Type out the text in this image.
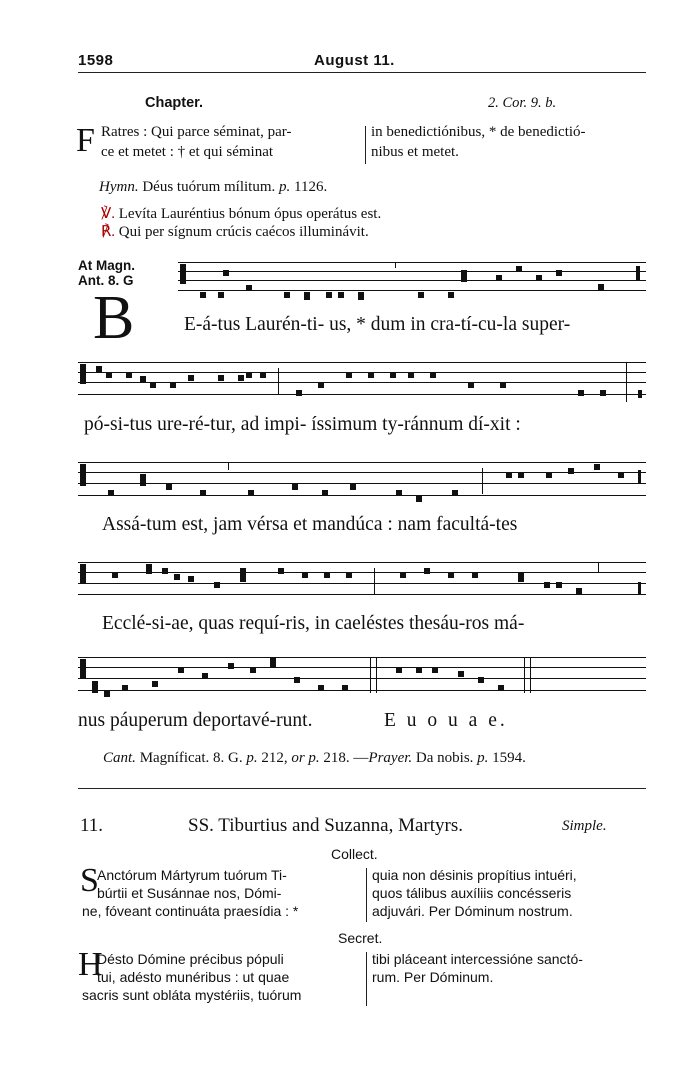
1598	August 11.
Chapter.	2. Cor. 9. b.
F Ratres : Qui parce séminat, par-
ce et metet : † et qui séminat
in benedictiónibus, * de benedictió-
nibus et metet.
Hymn. Déus tuórum mílitum. p. 1126.
℣. Levíta Lauréntius bónum ópus operátus est.
℟. Qui per sígnum crúcis caécos illuminávit.
At Magn.
Ant. 8. G
B	E-á-tus Laurén-ti- us, * dum in cra-tí-cu-la super-
pó-si-tus ure-ré-tur, ad impi- íssimum ty-ránnum dí-xit :
Assá-tum est, jam vérsa et mandúca : nam facultá-tes
Ecclé-si-ae, quas requí-ris, in caeléstes thesáu-ros má-
nus páuperum deportavé-runt.	E u o u a e.
Cant. Magníficat. 8. G. p. 212, or p. 218. —Prayer. Da nobis. p. 1594.
11.	SS. Tiburtius and Suzanna, Martyrs.	Simple.
Collect.
S
Anctórum Mártyrum tuórum Ti-
búrtii et Susánnae nos, Dómi-
ne, fóveant continuáta praesídia : *
quia non désinis propítius intuéri,
quos tálibus auxíliis concésseris
adjuvári. Per Dóminum nostrum.
Secret.
H
Désto Dómine précibus pópuli
tui, adésto munéribus : ut quae
sacris sunt obláta mystériis, tuórum
tibi pláceant intercessióne sanctó-
rum. Per Dóminum.
